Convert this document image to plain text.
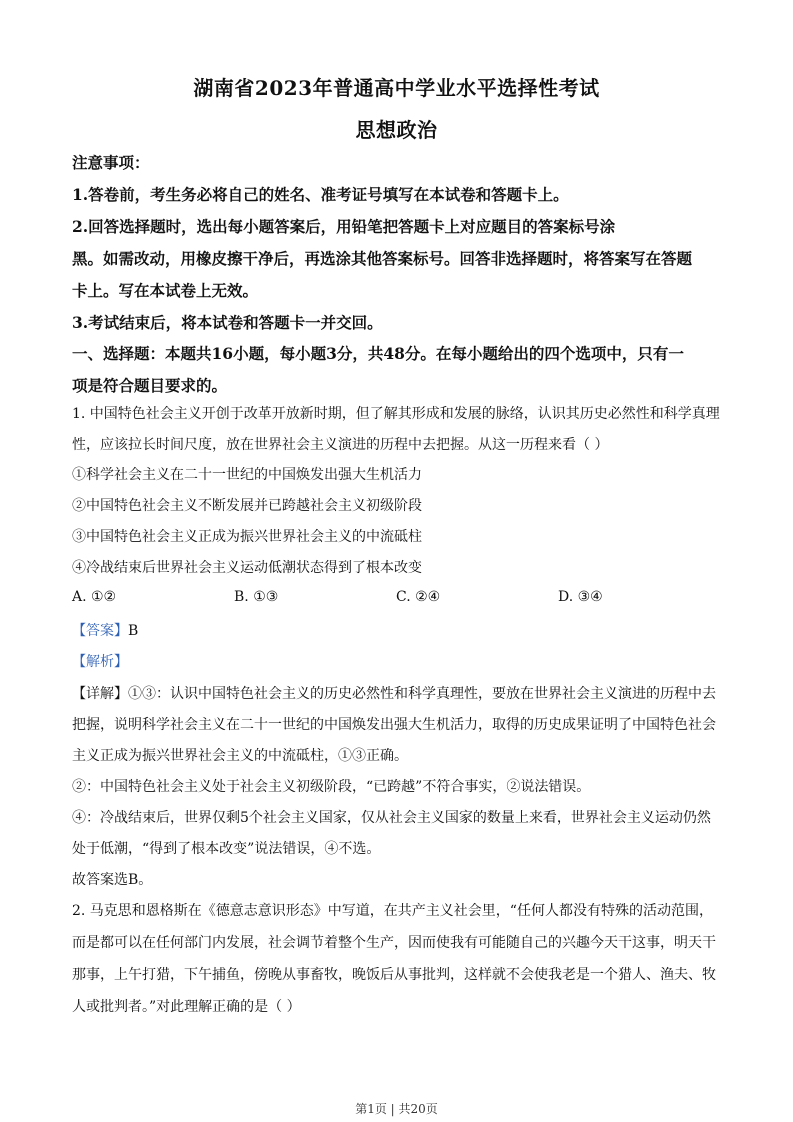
湖南省2023年普通高中学业水平选择性考试
思想政治
注意事项：
1.答卷前，考生务必将自己的姓名、准考证号填写在本试卷和答题卡上。
2.回答选择题时，选出每小题答案后，用铅笔把答题卡上对应题目的答案标号涂
黑。如需改动，用橡皮擦干净后，再选涂其他答案标号。回答非选择题时，将答案写在答题
卡上。写在本试卷上无效。
3.考试结束后，将本试卷和答题卡一并交回。
一、选择题：本题共16小题，每小题3分，共48分。在每小题给出的四个选项中，只有一
项是符合题目要求的。
1. 中国特色社会主义开创于改革开放新时期，但了解其形成和发展的脉络，认识其历史必然性和科学真理
性，应该拉长时间尺度，放在世界社会主义演进的历程中去把握。从这一历程来看（ ）
①科学社会主义在二十一世纪的中国焕发出强大生机活力
②中国特色社会主义不断发展并已跨越社会主义初级阶段
③中国特色社会主义正成为振兴世界社会主义的中流砥柱
④冷战结束后世界社会主义运动低潮状态得到了根本改变
A. ①②	B. ①③	C. ②④	D. ③④
【答案】B
【解析】
【详解】①③：认识中国特色社会主义的历史必然性和科学真理性，要放在世界社会主义演进的历程中去
把握，说明科学社会主义在二十一世纪的中国焕发出强大生机活力，取得的历史成果证明了中国特色社会
主义正成为振兴世界社会主义的中流砥柱，①③正确。
②：中国特色社会主义处于社会主义初级阶段，“已跨越”不符合事实，②说法错误。
④：冷战结束后，世界仅剩5个社会主义国家，仅从社会主义国家的数量上来看，世界社会主义运动仍然
处于低潮，“得到了根本改变”说法错误，④不选。
故答案选B。
2. 马克思和恩格斯在《德意志意识形态》中写道，在共产主义社会里，“任何人都没有特殊的活动范围，
而是都可以在任何部门内发展，社会调节着整个生产，因而使我有可能随自己的兴趣今天干这事，明天干
那事，上午打猎，下午捕鱼，傍晚从事畜牧，晚饭后从事批判，这样就不会使我老是一个猎人、渔夫、牧
人或批判者。”对此理解正确的是（ ）
第1页 | 共20页
